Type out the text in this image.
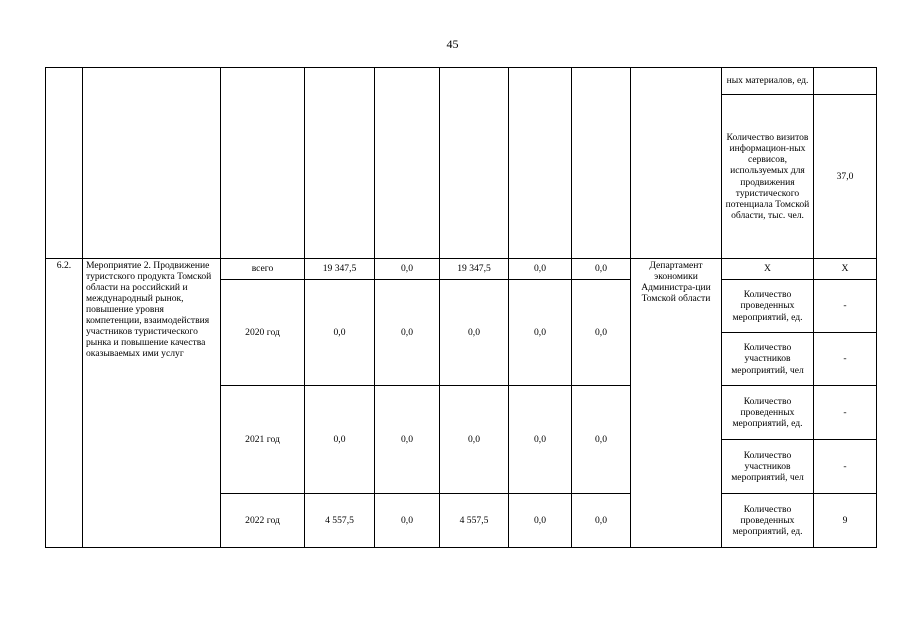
45
									ных материалов, ед.	
									Количество визитов информацион-ных сервисов, используемых для продвижения туристического потенциала Томской области, тыс. чел.	37,0
6.2.	Мероприятие 2. Продвижение туристского продукта Томской области на российский и международный рынок, повышение уровня компетенции, взаимодействия участников туристического рынка и повышение качества оказываемых ими услуг	всего	19 347,5	0,0	19 347,5	0,0	0,0	Департамент экономики Администра-ции Томской области	Х	Х
		2020 год	0,0	0,0	0,0	0,0	0,0		Количество проведенных мероприятий, ед.	-
									Количество участников мероприятий, чел	-
		2021 год	0,0	0,0	0,0	0,0	0,0		Количество проведенных мероприятий, ед.	-
									Количество участников мероприятий, чел	-
		2022 год	4 557,5	0,0	4 557,5	0,0	0,0		Количество проведенных мероприятий, ед.	9
